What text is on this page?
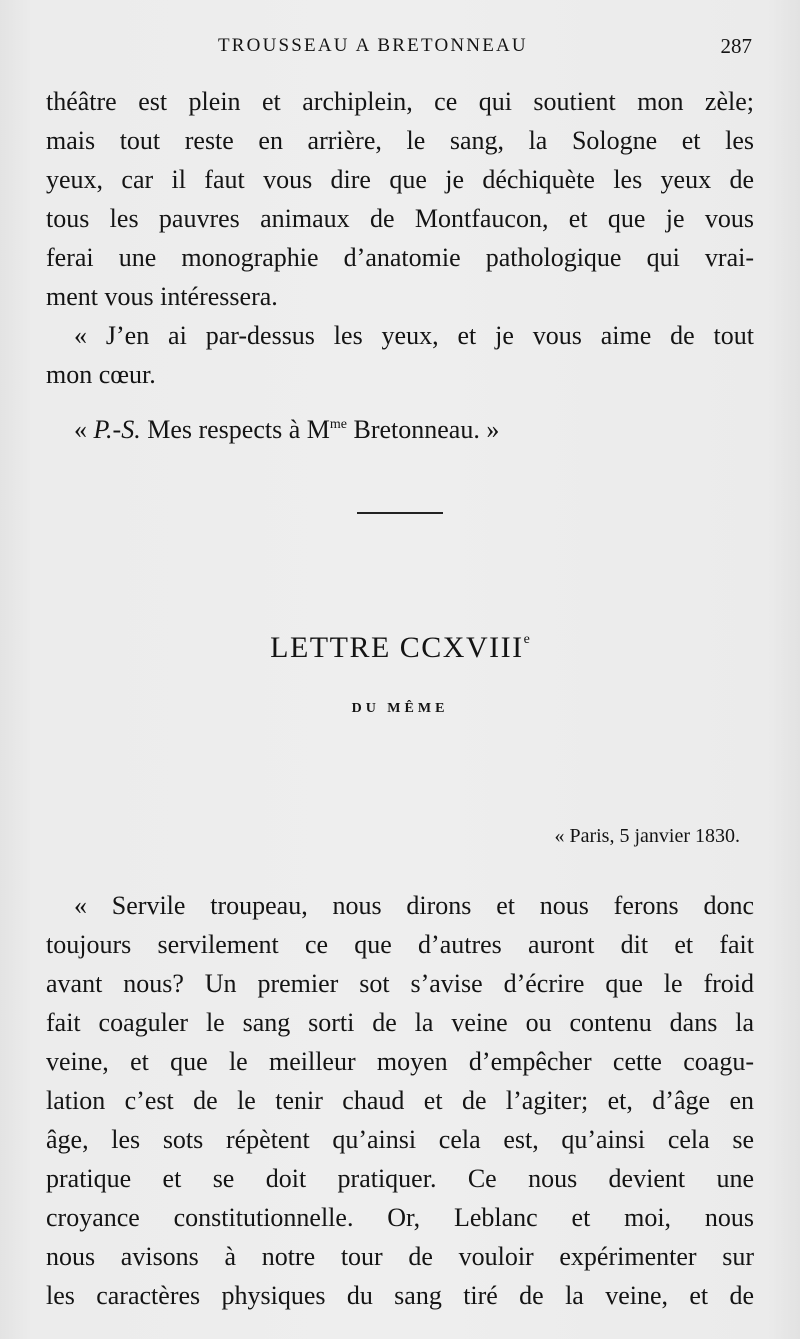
TROUSSEAU A BRETONNEAU	287
théâtre est plein et archiplein, ce qui soutient mon zèle;
mais tout reste en arrière, le sang, la Sologne et les
yeux, car il faut vous dire que je déchiquète les yeux de
tous les pauvres animaux de Montfaucon, et que je vous
ferai une monographie d’anatomie pathologique qui vrai-
ment vous intéressera.
« J’en ai par-dessus les yeux, et je vous aime de tout
mon cœur.
« P.-S. Mes respects à $M^{me}$ Bretonneau. »
LETTRE CCXVIIIe
DU MÊME
« Paris, 5 janvier 1830.
« Servile troupeau, nous dirons et nous ferons donc
toujours servilement ce que d’autres auront dit et fait
avant nous? Un premier sot s’avise d’écrire que le froid
fait coaguler le sang sorti de la veine ou contenu dans la
veine, et que le meilleur moyen d’empêcher cette coagu-
lation c’est de le tenir chaud et de l’agiter; et, d’âge en
âge, les sots répètent qu’ainsi cela est, qu’ainsi cela se
pratique et se doit pratiquer. Ce nous devient une
croyance constitutionnelle. Or, Leblanc et moi, nous
nous avisons à notre tour de vouloir expérimenter sur
les caractères physiques du sang tiré de la veine, et de
